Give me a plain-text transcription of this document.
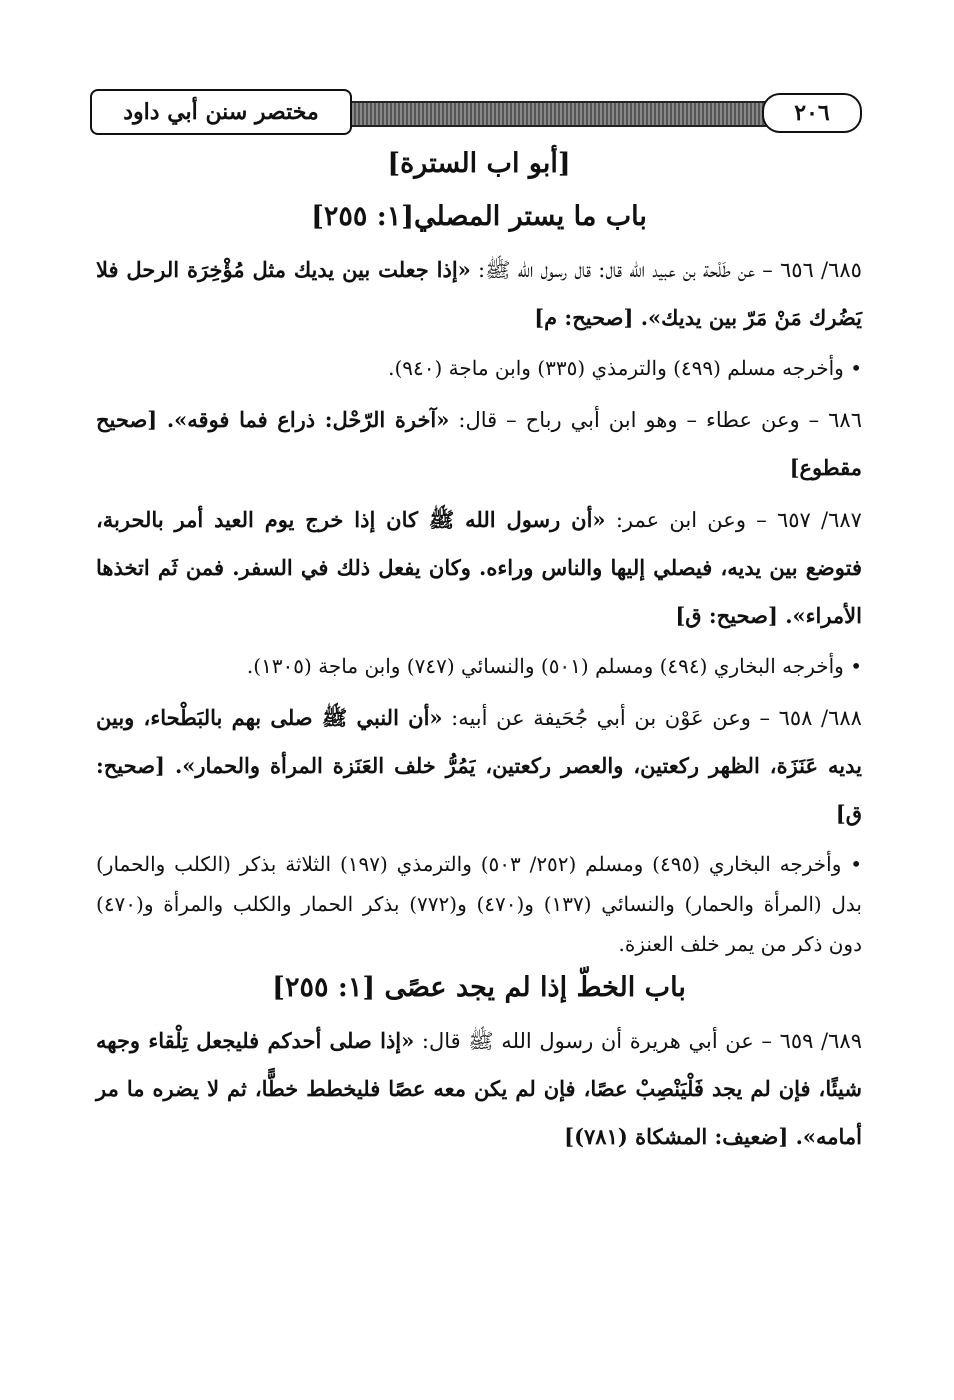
مختصر سنن أبي داود	٢٠٦

[أبو اب السترة]

باب ما يستر المصلي[١: ٢٥٥]

٦٨٥/ ٦٥٦ – عن طَلْحة بن عبيد الله قال: قال رسول الله ﷺ: «إذا جعلت بين يديك مثل مُؤْخِرَة الرحل فلا يَضُرك مَنْ مَرّ بين يديك». [صحيح: م]

• وأخرجه مسلم (٤٩٩) والترمذي (٣٣٥) وابن ماجة (٩٤٠).

٦٨٦ – وعن عطاء – وهو ابن أبي رباح – قال: «آخرة الرّحْل: ذراع فما فوقه». [صحيح مقطوع]

٦٨٧/ ٦٥٧ – وعن ابن عمر: «أن رسول الله ﷺ كان إذا خرج يوم العيد أمر بالحربة، فتوضع بين يديه، فيصلي إليها والناس وراءه. وكان يفعل ذلك في السفر. فمن ثَم اتخذها الأمراء». [صحيح: ق]

• وأخرجه البخاري (٤٩٤) ومسلم (٥٠١) والنسائي (٧٤٧) وابن ماجة (١٣٠٥).

٦٨٨/ ٦٥٨ – وعن عَوْن بن أبي جُحَيفة عن أبيه: «أن النبي ﷺ صلى بهم بالبَطْحاء، وبين يديه عَنَزَة، الظهر ركعتين، والعصر ركعتين، يَمُرُّ خلف العَنَزة المرأة والحمار». [صحيح: ق]

• وأخرجه البخاري (٤٩٥) ومسلم (٢٥٢/ ٥٠٣) والترمذي (١٩٧) الثلاثة بذكر (الكلب والحمار) بدل (المرأة والحمار) والنسائي (١٣٧) و(٤٧٠) و(٧٧٢) بذكر الحمار والكلب والمرأة و(٤٧٠) دون ذكر من يمر خلف العنزة.

باب الخطّ إذا لم يجد عصًى [١: ٢٥٥]

٦٨٩/ ٦٥٩ – عن أبي هريرة أن رسول الله ﷺ قال: «إذا صلى أحدكم فليجعل تِلْقاء وجهه شيئًا، فإن لم يجد فَلْيَنْصِبْ عصًا، فإن لم يكن معه عصًا فليخطط خطًّا، ثم لا يضره ما مر أمامه». [ضعيف: المشكاة (٧٨١)]
